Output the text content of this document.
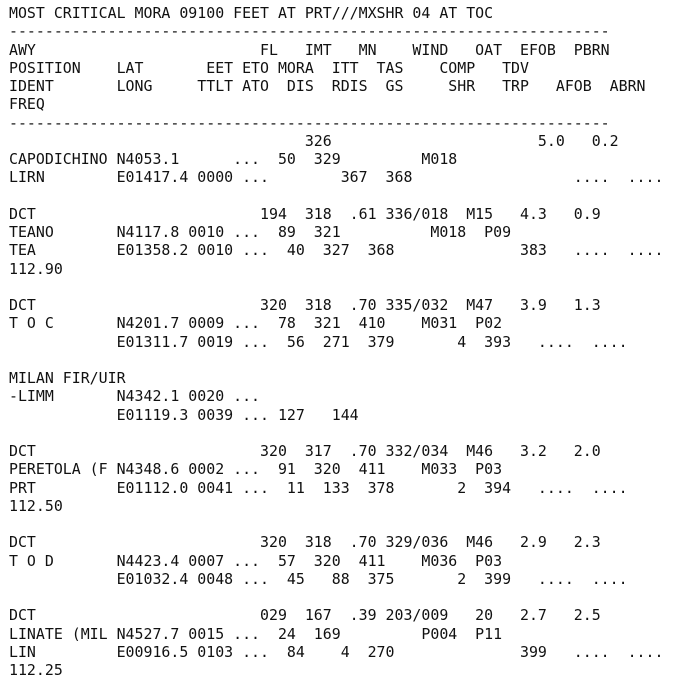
MOST CRITICAL MORA 09100 FEET AT PRT///MXSHR 04 AT TOC
-------------------------------------------------------------------
AWY                         FL   IMT   MN    WIND   OAT  EFOB  PBRN
POSITION    LAT       EET ETO MORA  ITT  TAS    COMP   TDV
IDENT       LONG     TTLT ATO  DIS  RDIS  GS     SHR   TRP   AFOB  ABRN
FREQ
-------------------------------------------------------------------
326                       5.0   0.2
CAPODICHINO N4053.1      ...  50  329         M018
LIRN        E01417.4 0000 ...        367  368                  ....  ....
DCT                         194  318  .61 336/018  M15   4.3   0.9
TEANO       N4117.8 0010 ...  89  321          M018  P09
TEA         E01358.2 0010 ...  40  327  368              383   ....  ....
112.90
DCT                         320  318  .70 335/032  M47   3.9   1.3
T O C       N4201.7 0009 ...  78  321  410    M031  P02
E01311.7 0019 ...  56  271  379       4  393   ....  ....
MILAN FIR/UIR
-LIMM       N4342.1 0020 ...
E01119.3 0039 ... 127   144
DCT                         320  317  .70 332/034  M46   3.2   2.0
PERETOLA (F N4348.6 0002 ...  91  320  411    M033  P03
PRT         E01112.0 0041 ...  11  133  378       2  394   ....  ....
112.50
DCT                         320  318  .70 329/036  M46   2.9   2.3
T O D       N4423.4 0007 ...  57  320  411    M036  P03
E01032.4 0048 ...  45   88  375       2  399   ....  ....
DCT                         029  167  .39 203/009   20   2.7   2.5
LINATE (MIL N4527.7 0015 ...  24  169         P004  P11
LIN         E00916.5 0103 ...  84    4  270              399   ....  ....
112.25
